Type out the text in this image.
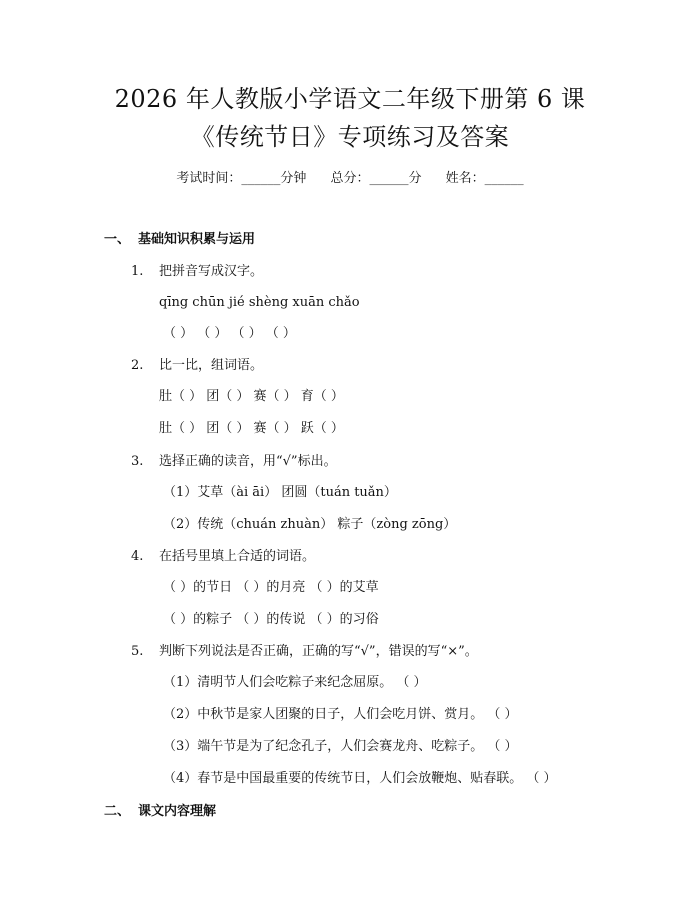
2026 年人教版小学语文二年级下册第 6 课
《传统节日》专项练习及答案
考试时间：______分钟 总分：______分 姓名：______
一、 基础知识积累与运用
1. 把拼音写成汉字。
qīng chūn jié shèng xuān chǎo
（ ） （ ） （ ） （ ）
2. 比一比，组词语。
肚（ ） 团（ ） 赛（ ） 育（ ）
肚（ ） 团（ ） 赛（ ） 跃（ ）
3. 选择正确的读音，用“√”标出。
（1）艾草（ài āi） 团圆（tuán tuǎn）
（2）传统（chuán zhuàn） 粽子（zòng zōng）
4. 在括号里填上合适的词语。
（ ）的节日 （ ）的月亮 （ ）的艾草
（ ）的粽子 （ ）的传说 （ ）的习俗
5. 判断下列说法是否正确，正确的写“√”，错误的写“×”。
（1）清明节人们会吃粽子来纪念屈原。 （ ）
（2）中秋节是家人团聚的日子，人们会吃月饼、赏月。 （ ）
（3）端午节是为了纪念孔子，人们会赛龙舟、吃粽子。 （ ）
（4）春节是中国最重要的传统节日，人们会放鞭炮、贴春联。 （ ）
二、 课文内容理解
